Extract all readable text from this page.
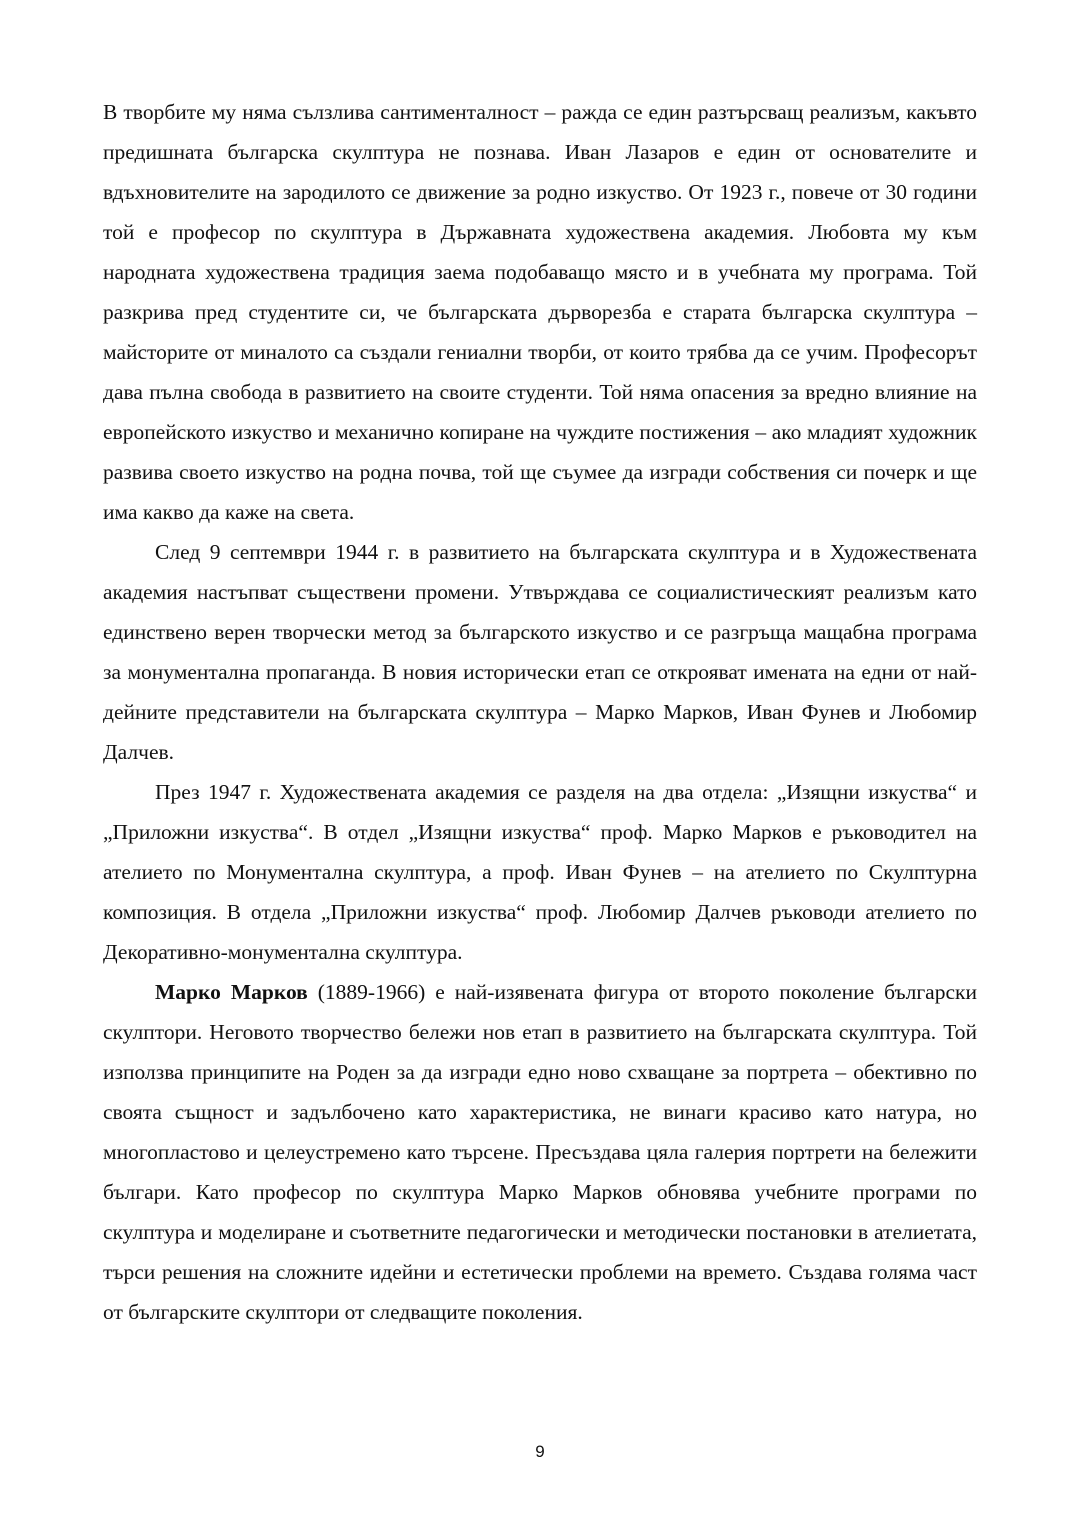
В творбите му няма сълзлива сантименталност – ражда се един разтърсващ реализъм, какъвто предишната българска скулптура не познава. Иван Лазаров е един от основателите и вдъхновителите на зародилото се движение за родно изкуство. От 1923 г., повече от 30 години той е професор по скулптура в Държавната художествена академия. Любовта му към народната художествена традиция заема подобаващо място и в учебната му програма. Той разкрива пред студентите си, че българската дърворезба е старата българска скулптура – майсторите от миналото са създали гениални творби, от които трябва да се учим. Професорът дава пълна свобода в развитието на своите студенти. Той няма опасения за вредно влияние на европейското изкуство и механично копиране на чуждите постижения – ако младият художник развива своето изкуство на родна почва, той ще съумее да изгради собствения си почерк и ще има какво да каже на света.

След 9 септември 1944 г. в развитието на българската скулптура и в Художествената академия настъпват съществени промени. Утвърждава се социалистическият реализъм като единствено верен творчески метод за българското изкуство и се разгръща мащабна програма за монументална пропаганда. В новия исторически етап се открояват имената на едни от най-дейните представители на българската скулптура – Марко Марков, Иван Фунев и Любомир Далчев.

През 1947 г. Художествената академия се разделя на два отдела: „Изящни изкуства“ и „Приложни изкуства“. В отдел „Изящни изкуства“ проф. Марко Марков е ръководител на ателието по Монументална скулптура, а проф. Иван Фунев – на ателието по Скулптурна композиция. В отдела „Приложни изкуства“ проф. Любомир Далчев ръководи ателието по Декоративно-монументална скулптура.

Марко Марков (1889-1966) е най-изявената фигура от второто поколение български скулптори. Неговото творчество бележи нов етап в развитието на българската скулптура. Той използва принципите на Роден за да изгради едно ново схващане за портрета – обективно по своята същност и задълбочено като характеристика, не винаги красиво като натура, но многопластово и целеустремено като търсене. Пресъздава цяла галерия портрети на бележити българи. Като професор по скулптура Марко Марков обновява учебните програми по скулптура и моделиране и съответните педагогически и методически постановки в ателиетата, търси решения на сложните идейни и естетически проблеми на времето. Създава голяма част от българските скулптори от следващите поколения.

9
